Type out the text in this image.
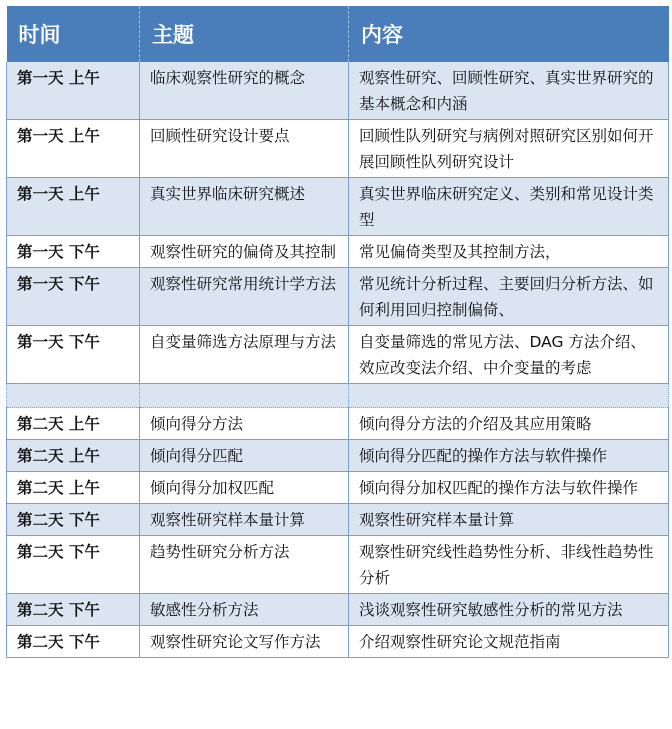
时间	主题	内容
第一天 上午	临床观察性研究的概念	观察性研究、回顾性研究、真实世界研究的基本概念和内涵
第一天 上午	回顾性研究设计要点	回顾性队列研究与病例对照研究区别如何开展回顾性队列研究设计
第一天 上午	真实世界临床研究概述	真实世界临床研究定义、类别和常见设计类型
第一天 下午	观察性研究的偏倚及其控制	常见偏倚类型及其控制方法，
第一天 下午	观察性研究常用统计学方法	常见统计分析过程、主要回归分析方法、如何利用回归控制偏倚、
第一天 下午	自变量筛选方法原理与方法	自变量筛选的常见方法、DAG 方法介绍、效应改变法介绍、中介变量的考虑

第二天 上午	倾向得分方法	倾向得分方法的介绍及其应用策略
第二天 上午	倾向得分匹配	倾向得分匹配的操作方法与软件操作
第二天 上午	倾向得分加权匹配	倾向得分加权匹配的操作方法与软件操作
第二天 下午	观察性研究样本量计算	观察性研究样本量计算
第二天 下午	趋势性研究分析方法	观察性研究线性趋势性分析、非线性趋势性分析
第二天 下午	敏感性分析方法	浅谈观察性研究敏感性分析的常见方法
第二天 下午	观察性研究论文写作方法	介绍观察性研究论文规范指南
